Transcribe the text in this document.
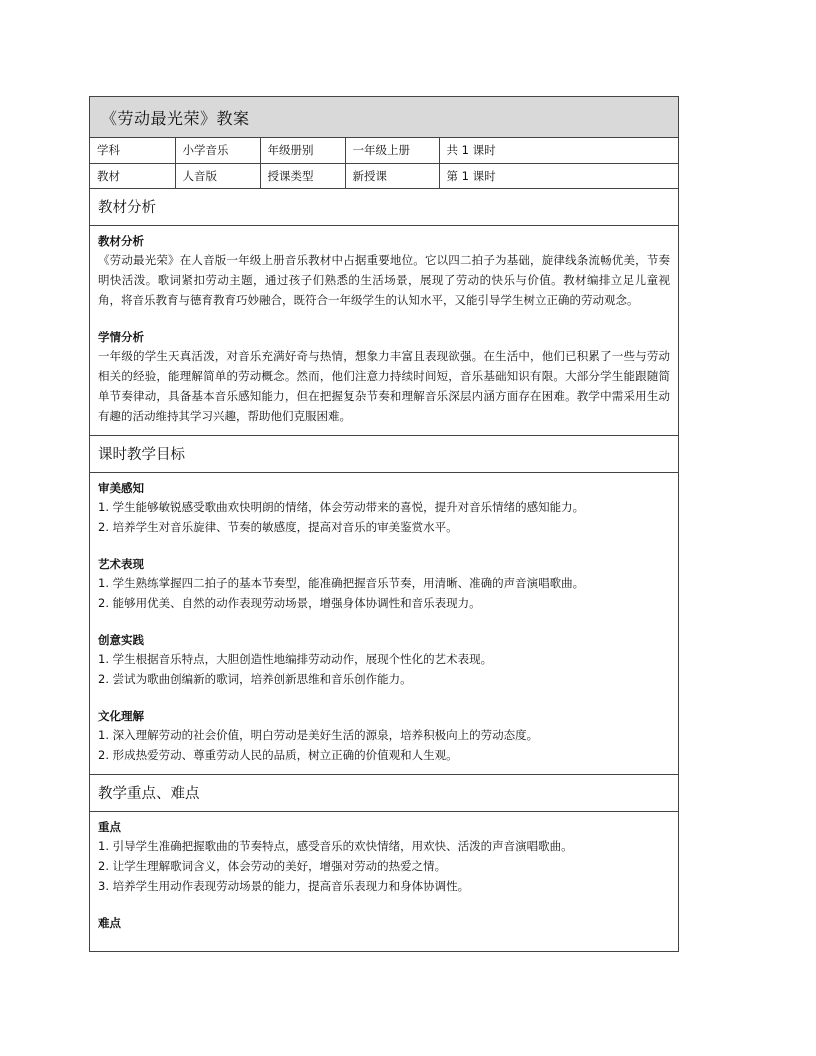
《劳动最光荣》教案
学科	小学音乐	年级册别	一年级上册	共 1 课时
教材	人音版	授课类型	新授课	第 1 课时
教材分析
教材分析

《劳动最光荣》在人音版一年级上册音乐教材中占据重要地位。它以四二拍子为基础，旋律线条流畅优美，节奏明快活泼。歌词紧扣劳动主题，通过孩子们熟悉的生活场景，展现了劳动的快乐与价值。教材编排立足儿童视角，将音乐教育与德育教育巧妙融合，既符合一年级学生的认知水平，又能引导学生树立正确的劳动观念。

学情分析

一年级的学生天真活泼，对音乐充满好奇与热情，想象力丰富且表现欲强。在生活中，他们已积累了一些与劳动相关的经验，能理解简单的劳动概念。然而，他们注意力持续时间短，音乐基础知识有限。大部分学生能跟随简单节奏律动，具备基本音乐感知能力，但在把握复杂节奏和理解音乐深层内涵方面存在困难。教学中需采用生动有趣的活动维持其学习兴趣，帮助他们克服困难。

课时教学目标
审美感知
1. 学生能够敏锐感受歌曲欢快明朗的情绪，体会劳动带来的喜悦，提升对音乐情绪的感知能力。
2. 培养学生对音乐旋律、节奏的敏感度，提高对音乐的审美鉴赏水平。
艺术表现
1. 学生熟练掌握四二拍子的基本节奏型，能准确把握音乐节奏，用清晰、准确的声音演唱歌曲。
2. 能够用优美、自然的动作表现劳动场景，增强身体协调性和音乐表现力。
创意实践
1. 学生根据音乐特点，大胆创造性地编排劳动动作，展现个性化的艺术表现。
2. 尝试为歌曲创编新的歌词，培养创新思维和音乐创作能力。
文化理解
1. 深入理解劳动的社会价值，明白劳动是美好生活的源泉，培养积极向上的劳动态度。
2. 形成热爱劳动、尊重劳动人民的品质，树立正确的价值观和人生观。
教学重点、难点
重点
1. 引导学生准确把握歌曲的节奏特点，感受音乐的欢快情绪，用欢快、活泼的声音演唱歌曲。
2. 让学生理解歌词含义，体会劳动的美好，增强对劳动的热爱之情。
3. 培养学生用动作表现劳动场景的能力，提高音乐表现力和身体协调性。
难点
